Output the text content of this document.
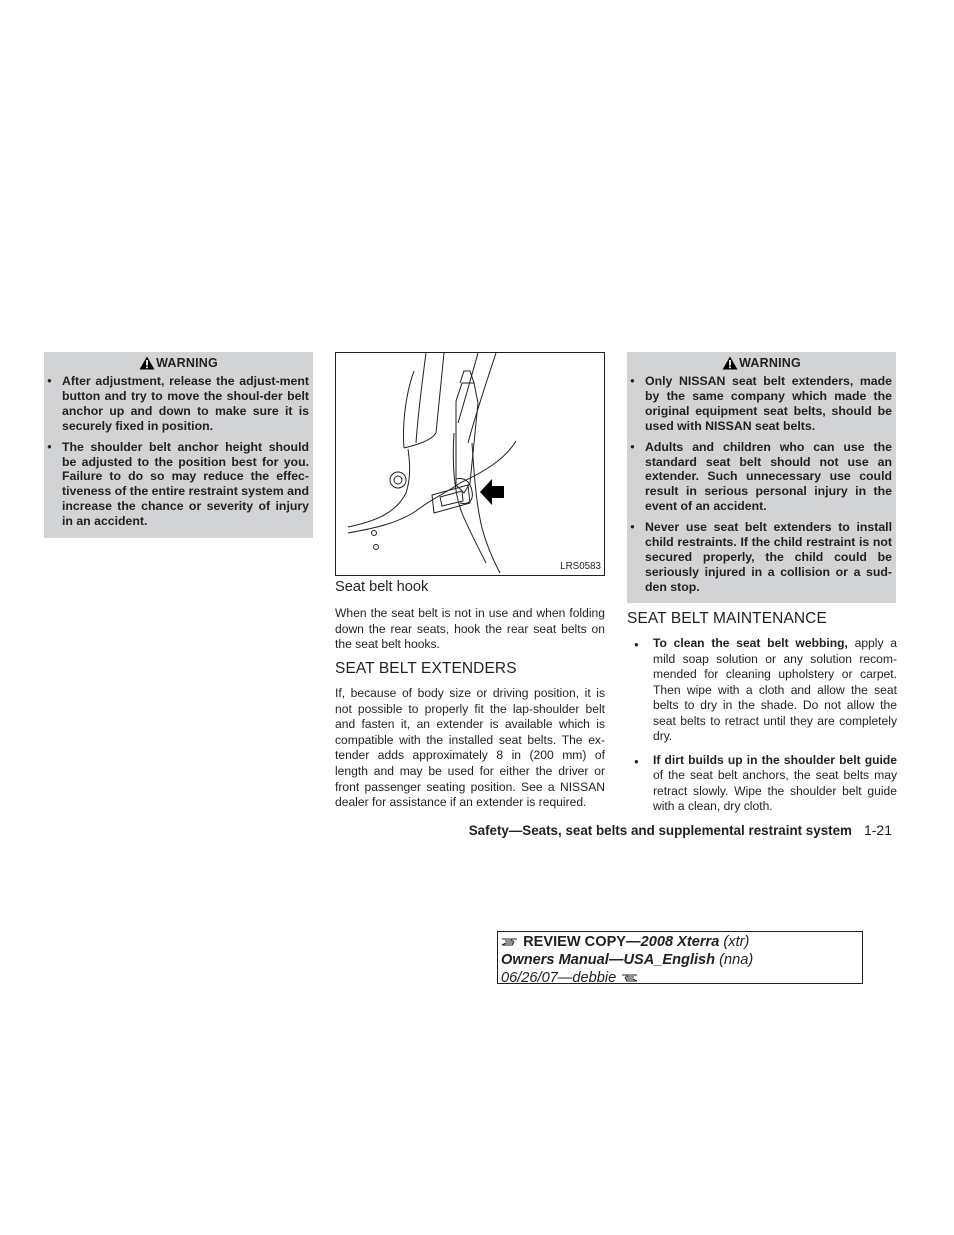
WARNING
● After adjustment, release the adjust-ment button and try to move the shoul-der belt anchor up and down to make sure it is securely fixed in position.
● The shoulder belt anchor height should be adjusted to the position best for you. Failure to do so may reduce the effec-tiveness of the entire restraint system and increase the chance or severity of injury in an accident.
LRS0583
Seat belt hook

When the seat belt is not in use and when folding down the rear seats, hook the rear seat belts on the seat belt hooks.

SEAT BELT EXTENDERS

If, because of body size or driving position, it is not possible to properly fit the lap-shoulder belt and fasten it, an extender is available which is compatible with the installed seat belts. The ex-tender adds approximately 8 in (200 mm) of length and may be used for either the driver or front passenger seating position. See a NISSAN dealer for assistance if an extender is required.

WARNING
● Only NISSAN seat belt extenders, made by the same company which made the original equipment seat belts, should be used with NISSAN seat belts.
● Adults and children who can use the standard seat belt should not use an extender. Such unnecessary use could result in serious personal injury in the event of an accident.
● Never use seat belt extenders to install child restraints. If the child restraint is not secured properly, the child could be seriously injured in a collision or a sud-den stop.
SEAT BELT MAINTENANCE
● To clean the seat belt webbing, apply a mild soap solution or any solution recom-mended for cleaning upholstery or carpet. Then wipe with a cloth and allow the seat belts to dry in the shade. Do not allow the seat belts to retract until they are completely dry.
● If dirt builds up in the shoulder belt guide of the seat belt anchors, the seat belts may retract slowly. Wipe the shoulder belt guide with a clean, dry cloth.
Safety—Seats, seat belts and supplemental restraint system 1-21
REVIEW COPY—2008 Xterra (xtr)
Owners Manual—USA_English (nna)
06/26/07—debbie
